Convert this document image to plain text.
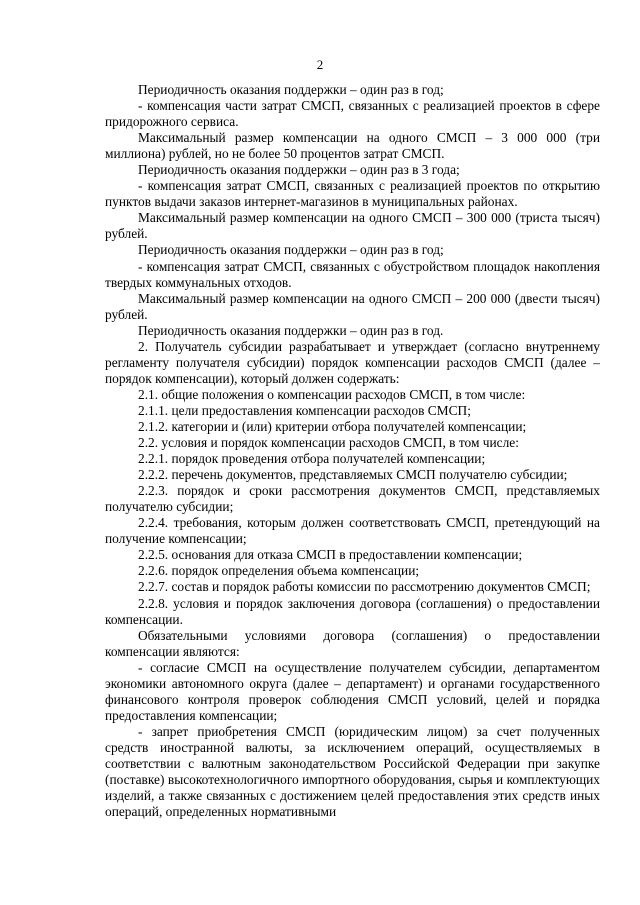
2

Периодичность оказания поддержки – один раз в год;

- компенсация части затрат СМСП, связанных с реализацией проектов в сфере придорожного сервиса.

Максимальный размер компенсации на одного СМСП – 3 000 000 (три миллиона) рублей, но не более 50 процентов затрат СМСП.

Периодичность оказания поддержки – один раз в 3 года;

- компенсация затрат СМСП, связанных с реализацией проектов по открытию пунктов выдачи заказов интернет-магазинов в муниципальных районах.

Максимальный размер компенсации на одного СМСП – 300 000 (триста тысяч) рублей.

Периодичность оказания поддержки – один раз в год;

- компенсация затрат СМСП, связанных с обустройством площадок накопления твердых коммунальных отходов.

Максимальный размер компенсации на одного СМСП – 200 000 (двести тысяч) рублей.

Периодичность оказания поддержки – один раз в год.

2. Получатель субсидии разрабатывает и утверждает (согласно внутреннему регламенту получателя субсидии) порядок компенсации расходов СМСП (далее – порядок компенсации), который должен содержать:

2.1. общие положения о компенсации расходов СМСП, в том числе:

2.1.1. цели предоставления компенсации расходов СМСП;

2.1.2. категории и (или) критерии отбора получателей компенсации;

2.2. условия и порядок компенсации расходов СМСП, в том числе:

2.2.1. порядок проведения отбора получателей компенсации;

2.2.2. перечень документов, представляемых СМСП получателю субсидии;

2.2.3. порядок и сроки рассмотрения документов СМСП, представляемых получателю субсидии;

2.2.4. требования, которым должен соответствовать СМСП, претендующий на получение компенсации;

2.2.5. основания для отказа СМСП в предоставлении компенсации;

2.2.6. порядок определения объема компенсации;

2.2.7. состав и порядок работы комиссии по рассмотрению документов СМСП;

2.2.8. условия и порядок заключения договора (соглашения) о предоставлении компенсации.

Обязательными условиями договора (соглашения) о предоставлении компенсации являются:

- согласие СМСП на осуществление получателем субсидии, департаментом экономики автономного округа (далее – департамент) и органами государственного финансового контроля проверок соблюдения СМСП условий, целей и порядка предоставления компенсации;

- запрет приобретения СМСП (юридическим лицом) за счет полученных средств иностранной валюты, за исключением операций, осуществляемых в соответствии с валютным законодательством Российской Федерации при закупке (поставке) высокотехнологичного импортного оборудования, сырья и комплектующих изделий, а также связанных с достижением целей предоставления этих средств иных операций, определенных нормативными
